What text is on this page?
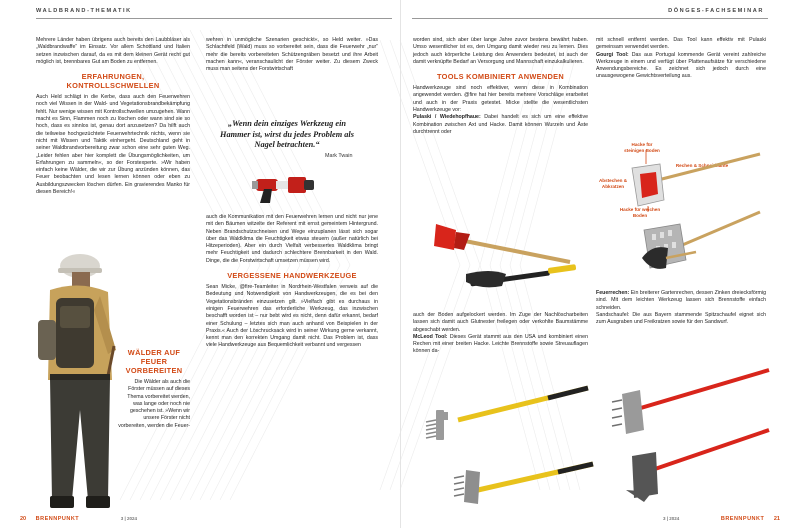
WALDBRAND-THEMATIK

Mehrere Länder haben übrigens auch bereits den Laubbläser als „Waldbrandwaffe“ im Einsatz. Vor allem Schottland und Italien setzen inzwischen darauf, da es mit dem kleinen Gerät recht gut möglich ist, brennbares Gut am Boden zu entfernen.

ERFAHRUNGEN, KONTROLLSCHWELLEN

Auch Held schlägt in die Kerbe, dass auch den Feuerwehren noch viel Wissen in der Wald- und Vegetationsbrandbekämpfung fehlt. Nur wenige wissen mit Kontrollschwellen umzugehen. Wann macht es Sinn, Flammen noch zu löschen oder wann sind sie so hoch, dass es sinnlos ist, genau dort anzusetzen? Da hilft auch die teilweise hochgezüchtete Feuerwehrtechnik nichts, wenn sie nicht mit Wissen und Taktik einhergeht. Deutschland geht in seiner Waldbrandvorbereitung zwar schon eine sehr guten Weg. „Leider fehlen aber hier komplett die Übungsmöglichkeiten, um Erfahrungen zu sammeln«, so der Forstexperte. »Wir haben einfach keine Wälder, die wir zur Übung anzünden können, das Feuer beobachten und lesen lernen können oder eben zu Ausbildungszwecken löschen dürfen. Ein gravierendes Manko für diesen Bereich!«

WÄLDER AUF FEUER VORBEREITEN

Die Wälder als auch die Förster müssen auf dieses Thema vorbereitet werden, was lange oder noch nie geschehen ist. »Wenn wir unsere Förster nicht vorbereiten, werden die Feuer-

wehren in unmögliche Szenarien geschickt«, so Held weiter. »Das Schlachtfeld (Wald) muss so vorbereitet sein, dass die Feuerwehr „nur“ mehr die bereits vorbereiteten Schützengräben besetzt und ihre Arbeit machen kann«, veranschaulicht der Förster weiter. Zu diesem Zweck muss man seitens der Forstwirtschaft

„Wenn dein einziges Werkzeug ein Hammer ist, wirst du jedes Problem als Nagel betrachten.“
Mark Twain

auch die Kommunikation mit den Feuerwehren lernen und nicht nur jene mit den Bäumen witzelte der Referent mit ernst gemeintem Hintergrund. Neben Brandschutzschneisen und Wege einzuplanen lässt sich sogar über das Waldklima die Feuchtigkeit etwas steuern (außer natürlich bei Hitzeperioden). Aber ein durch Vielfalt verbessertes Waldklima bringt mehr Feuchtigkeit und dadurch schlechtere Brennbarkeit in den Wald. Dinge, die die Forstwirtschaft umsetzen müssen wird.

VERGESSENE HANDWERKZEUGE

Sean Micke, @fire-Teamleiter in Nordrhein-Westfalen verweis auf die Bedeutung und Notwendigkeit von Handwerkzeugen, die es bei den Vegetationsbränden einzusetzen gilt. »Vielfach gibt es durchaus in einigen Feuerwehren das erforderliche Werkzeug, das inzwischen beschafft worden ist – nur bebt wird es nicht, denn dafür erkannt, bedarf einer Schulung – letztes sich man auch anhand von Beispielen in der Praxis.« Auch der Löschrucksack wird in seiner Wirkung gerne verkannt, kennt man den korrekten Umgang damit nicht. Das Problem ist, dass viele Handwerkzeuge aus Bequemlichkeit verbannt und vergessen

20 BRENNPUNKT	3 | 2024
DÖNGES-FACHSEMINAR

worden sind, sich aber über lange Jahre zuvor bestens bewährt haben. Umso wesentlicher ist es, den Umgang damit wieder neu zu lernen. Dies jedoch auch körperliche Leistung des Anwenders bedeutet, ist auch der damit verknüpfte Bedarf an Versorgung und Mannschaft einzukalkulieren.

TOOLS KOMBINIERT ANWENDEN

Handwerkzeuge sind noch effektiver, wenn diese in Kombination angewendet werden. @fire hat hier bereits mehrere Vorschläge erarbeitet und auch in der Praxis getestet. Micke stellte die wesentlichsten Handwerkzeuge vor:

Pulaski / Wiedehopfhaue: Dabei handelt es sich um eine effektive Kombination zwischen Axt und Hacke. Damit können Wurzeln und Äste durchtrennt oder

auch der Boden aufgelockert werden. Im Zuge der Nachlöscharbeiten lassen sich damit auch Glutnester freilegen oder verkohlte Baumstämme abgeschabt werden.

McLeod Tool: Dieses Gerät stammt aus den USA und kombiniert einen Rechen mit einer breiten Hacke. Leichte Brennstoffe sowie Streuauflagen können da-

mit schnell entfernt werden. Das Tool kann effektiv mit Pulaski gemeinsam verwendet werden.

Gourgi Tool: Das aus Portugal kommende Gerät vereint zahlreiche Werkzeuge in einem und verfügt über Plattenaufsätze für verschiedene Anwendungsbereiche. Es zeichnet sich jedoch durch eine unausgewogene Gewichtsverteilung aus.

Hacke für steinigen Boden
Rechen & Schneidkante
Abstechen & Abkratzen
Hacke für weichen Boden

Feuerrechen: Ein breiterer Gartenrechen, dessen Zinken dreiecksförmig sind. Mit dem leichten Werkzeug lassen sich Brennstoffe einfach schneiden.

Sandschaufel: Die aus Bayern stammende Spitzschaufel eignet sich zum Ausgraben und Freikratzen sowie für den Sandwurf.

3 | 2024	BRENNPUNKT 21
